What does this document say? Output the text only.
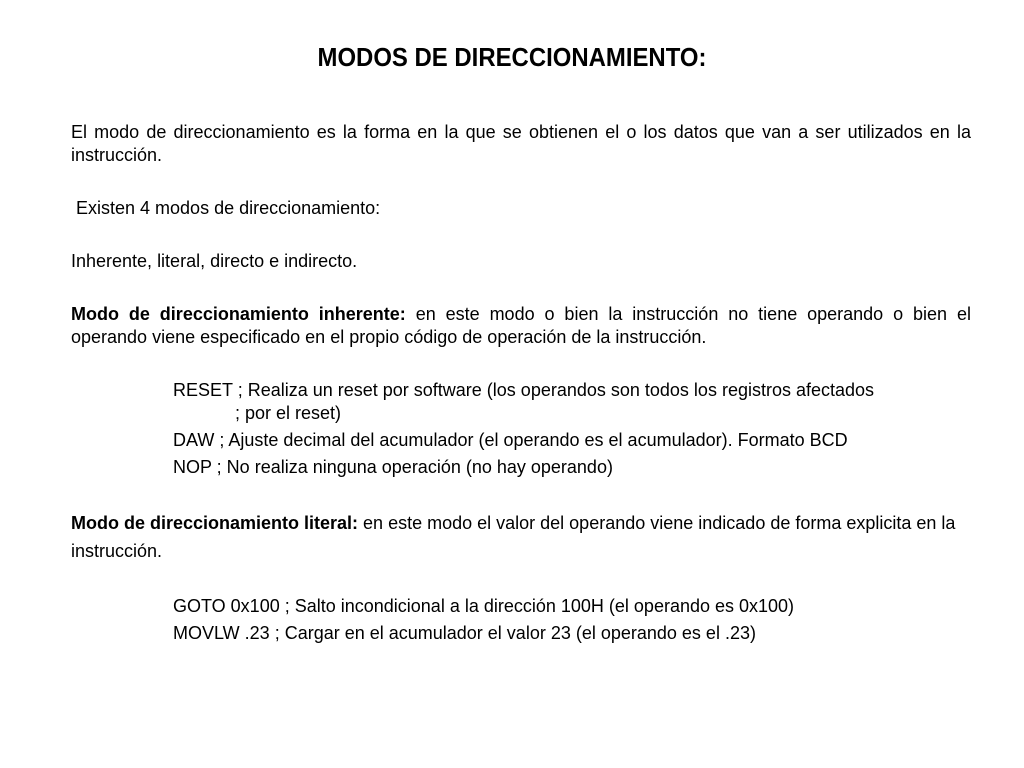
MODOS DE DIRECCIONAMIENTO:

El modo de direccionamiento es la forma en la que se obtienen el o los datos que van a ser utilizados en la instrucción.

Existen 4 modos de direccionamiento:

Inherente, literal, directo e indirecto.

Modo de direccionamiento inherente: en este modo o bien la instrucción no tiene operando o bien el operando viene especificado en el propio código de operación de la instrucción.

RESET ; Realiza un reset por software (los operandos son todos los registros afectados
; por el reset)

DAW ; Ajuste decimal del acumulador (el operando es el acumulador). Formato BCD

NOP ; No realiza ninguna operación (no hay operando)

Modo de direccionamiento literal: en este modo el valor del operando viene indicado de forma explicita en la instrucción.

GOTO 0x100 ; Salto incondicional a la dirección 100H (el operando es 0x100)

MOVLW .23 ; Cargar en el acumulador el valor 23 (el operando es el .23)
